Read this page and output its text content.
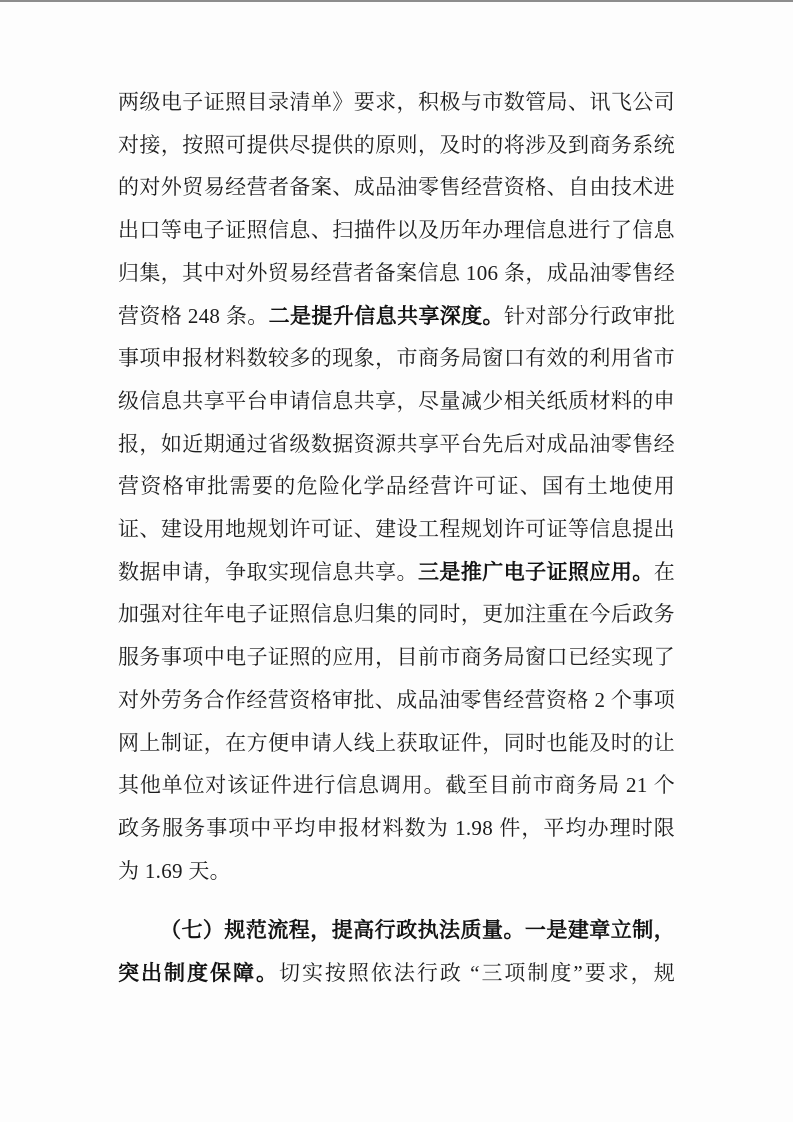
两级电子证照目录清单》要求，积极与市数管局、讯飞公司
对接，按照可提供尽提供的原则，及时的将涉及到商务系统
的对外贸易经营者备案、成品油零售经营资格、自由技术进
出口等电子证照信息、扫描件以及历年办理信息进行了信息
归集，其中对外贸易经营者备案信息 106 条，成品油零售经
营资格 248 条。二是提升信息共享深度。针对部分行政审批
事项申报材料数较多的现象，市商务局窗口有效的利用省市
级信息共享平台申请信息共享，尽量减少相关纸质材料的申
报，如近期通过省级数据资源共享平台先后对成品油零售经
营资格审批需要的危险化学品经营许可证、国有土地使用
证、建设用地规划许可证、建设工程规划许可证等信息提出
数据申请，争取实现信息共享。三是推广电子证照应用。在
加强对往年电子证照信息归集的同时，更加注重在今后政务
服务事项中电子证照的应用，目前市商务局窗口已经实现了
对外劳务合作经营资格审批、成品油零售经营资格 2 个事项
网上制证，在方便申请人线上获取证件，同时也能及时的让
其他单位对该证件进行信息调用。截至目前市商务局 21 个
政务服务事项中平均申报材料数为 1.98 件，平均办理时限
为 1.69 天。
（七）规范流程，提高行政执法质量。一是建章立制，
突出制度保障。切实按照依法行政 “三项制度”要求，规
